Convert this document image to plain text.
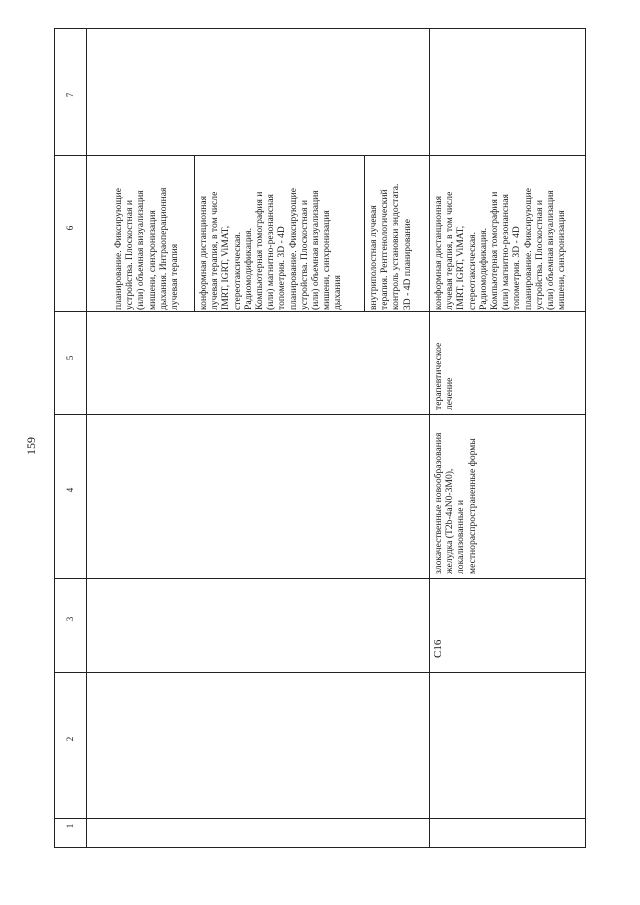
159
1
2
3
4
5
6
7
планирование. Фиксирующие устройства. Плоскостная и (или) объемная визуализация мишени, синхронизация дыхания. Интраоперационная лучевая терапия конформная дистанционная лучевая терапия, в том числе IMRT, IGRT, ViMAT, стереотаксическая. Радиомодификация. Компьютерная томография и (или) магнитно-резонансная топометрия. 3D - 4D планирование. Фиксирующие устройства. Плоскостная и (или) объемная визуализация мишени, синхронизация дыхания	внутриполостная лучевая терапия. Рентгенологический контроль установки эндостата. 3D - 4D планирование
C16
злокачественные новообразования желудка (T2b-4aN0-3M0), локализованные и местнораспространенные формы
терапевтическое лечение
конформная дистанционная лучевая терапия, в том числе IMRT, IGRT, ViMAT, стереотаксическая. Радиомодификация. Компьютерная томография и (или) магнитно-резонансная топометрия. 3D - 4D планирование. Фиксирующие устройства. Плоскостная и (или) объемная визуализация мишени, синхронизация
